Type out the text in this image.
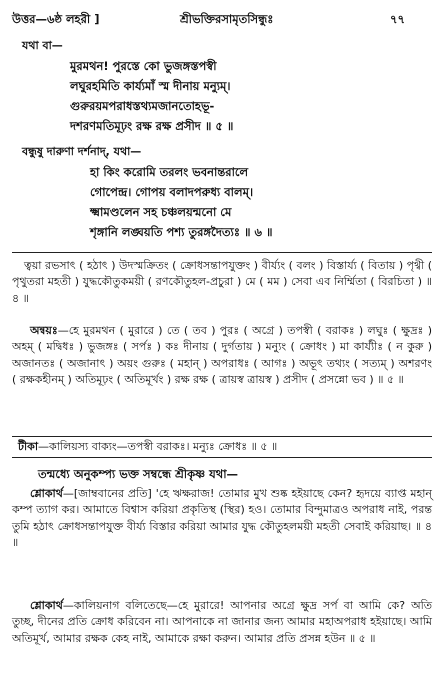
উত্তর—৬ষ্ঠ লহরী ]	শ্রীভক্তিরসামৃতসিন্ধুঃ	৭৭
যথা বা—
মুরমথন! পুরস্তে কো ভুজঙ্গস্তপস্বী
লঘুরহমিতি কার্য্যমাঁ স্ম দীনায় মন্যুম্‌।
গুরুরয়মপরাধস্তথ্যমজানতোহভূ-
দশরণমতিমূঢ়ং রক্ষ রক্ষ প্রসীদ ॥ ৫ ॥
বন্ধুষু দারুণা দর্শনাদ্‌, যথা—
হা কিং করোমি তরলং ভবনান্তরালে
গোপেন্দ্র। গোপয় বলাদপরুধ্য বালম্‌।
ক্ষ্মামণ্ডলেন সহ চঞ্চলয়ন্মনো মে
শৃঙ্গানি লঙ্ঘয়তি পশ্য তুরঙ্গদৈত্যঃ ॥ ৬ ॥
ত্বয়া রভসাৎ ( হঠাৎ ) উদস্মক্রিতং ( ক্রোধসন্তাপযুক্তং ) বীর্য্যং ( বলং ) বিস্তার্য্য ( বিতায় ) পৃথ্বী ( পৃথুতরা মহতী ) যুদ্ধকৌতুকময়ী ( রণকৌতুহল-প্রচুরা ) মে ( মম ) সেবা এব নির্ম্মিতা ( বিরচিতা ) ॥ ৪ ॥
অন্বয়ঃ—হে মুরমথন ( মুরারে ) তে ( তব ) পুরঃ ( অগ্রে ) তপস্বী ( বরাকঃ ) লঘুঃ ( ক্ষুদ্রঃ ) অহম্‌ ( মদ্বিধঃ ) ভুজঙ্গঃ ( সর্পঃ ) কঃ দীনায় ( দুর্গতায় ) মন্যুং ( ক্রোধং ) মা কার্য্যীঃ ( ন কুরু ) অজানতঃ ( অজানাৎ ) অয়ং গুরুঃ ( মহান্‌ ) অপরাধঃ ( আগঃ ) অভূৎ তথ্যং ( সত্যম্‌ ) অশরণং ( রক্ষকহীনম্‌ ) অতিমূঢ়ং ( অতিমূর্খং ) রক্ষ রক্ষ ( ত্রায়স্ব ত্রায়স্ব ) প্রসীদ ( প্রসন্নো ভব ) ॥ ৫ ॥
টীকা—কালিয়স্য বাক্যং—তপস্বী বরাকঃ। মন্যুঃ ক্রোধঃ ॥ ৫ ॥
তন্মধ্যে অনুকম্প্য ভক্ত সম্বন্ধে শ্রীকৃষ্ণ যথা—
শ্লোকার্থ—[জাম্ববানের প্রতি] 'হে ঋক্ষরাজ! তোমার মুখ শুষ্ক হইয়াছে কেন? হৃদয়ে ব্যাপ্ত মহান্‌ কম্প ত্যাগ কর। আমাতে বিশ্বাস করিয়া প্রকৃতিস্থ (স্থির) হও। তোমার বিন্দুমাত্রও অপরাধ নাই, পরন্ত তুমি হঠাৎ ক্রোধসন্তাপযুক্ত বীর্য্য বিস্তার করিয়া আমার যুদ্ধ কৌতুহলময়ী মহতী সেবাই করিয়াছ। ॥ ৪ ॥
শ্লোকার্থ—কালিয়নাগ বলিতেছে—হে মুরারে! আপনার অগ্রে ক্ষুদ্র সর্প বা আমি কে? অতি তুচ্ছ, দীনের প্রতি ক্রোধ করিবেন না। আপনাকে না জানার জন্য আমার মহাঅপরাধ হইয়াছে। আমি অতিমূর্খ, আমার রক্ষক কেহ নাই, আমাকে রক্ষা করুন। আমার প্রতি প্রসন্ন হউন ॥ ৫ ॥
